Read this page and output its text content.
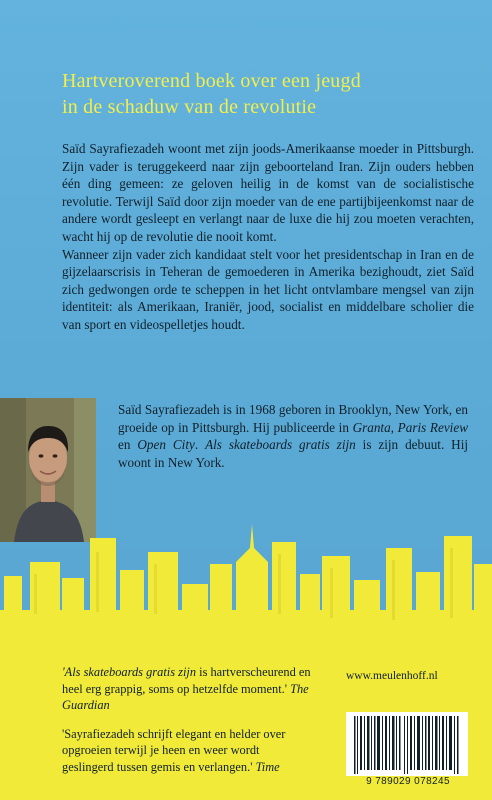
Hartveroverend boek over een jeugd
in de schaduw van de revolutie

Saïd Sayrafiezadeh woont met zijn joods-Amerikaanse moeder in Pittsburgh. Zijn vader is teruggekeerd naar zijn geboorteland Iran. Zijn ouders hebben één ding gemeen: ze geloven heilig in de komst van de socialistische revolutie. Terwijl Saïd door zijn moeder van de ene partijbijeenkomst naar de andere wordt gesleept en verlangt naar de luxe die hij zou moeten verachten, wacht hij op de revolutie die nooit komt.

Wanneer zijn vader zich kandidaat stelt voor het presidentschap in Iran en de gijzelaarscrisis in Teheran de gemoederen in Amerika bezighoudt, ziet Saïd zich gedwongen orde te scheppen in het licht ontvlambare mengsel van zijn identiteit: als Amerikaan, Iraniër, jood, socialist en middelbare scholier die van sport en videospelletjes houdt.

Saïd Sayrafiezadeh is in 1968 geboren in Brooklyn, New York, en groeide op in Pittsburgh. Hij publiceerde in Granta, Paris Review en Open City. Als skateboards gratis zijn is zijn debuut. Hij woont in New York.

'Als skateboards gratis zijn is hartverscheurend en heel erg grappig, soms op hetzelfde moment.' The Guardian

'Sayrafiezadeh schrijft elegant en helder over opgroeien terwijl je heen en weer wordt geslingerd tussen gemis en verlangen.' Time

www.meulenhoff.nl
9 789029 078245
